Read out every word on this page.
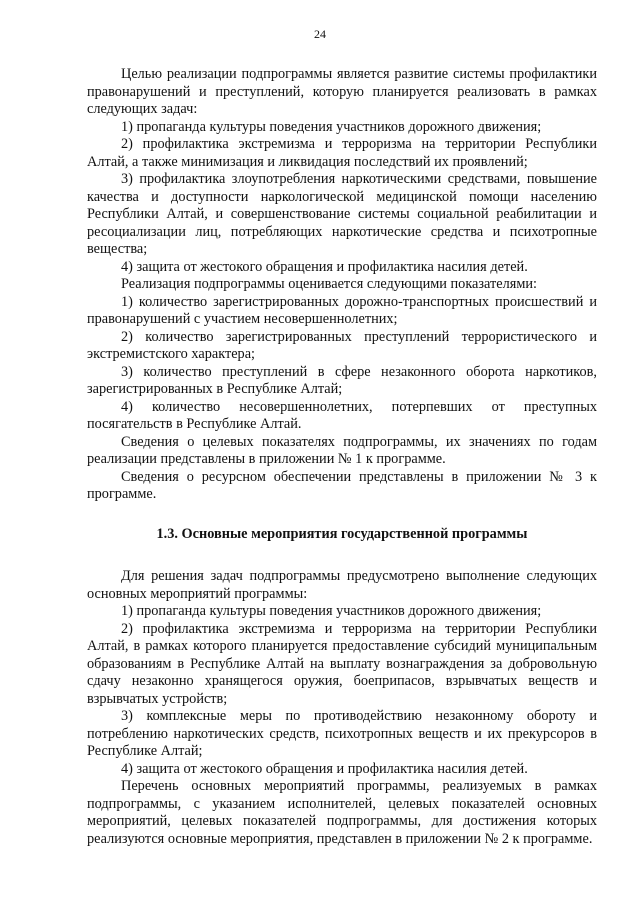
24

Целью реализации подпрограммы является развитие системы профилактики правонарушений и преступлений, которую планируется реализовать в рамках следующих задач:

1) пропаганда культуры поведения участников дорожного движения;

2) профилактика экстремизма и терроризма на территории Республики Алтай, а также минимизация и ликвидация последствий их проявлений;

3) профилактика злоупотребления наркотическими средствами, повышение качества и доступности наркологической медицинской помощи населению Республики Алтай, и совершенствование системы социальной реабилитации и ресоциализации лиц, потребляющих наркотические средства и психотропные вещества;

4) защита от жестокого обращения и профилактика насилия детей.

Реализация подпрограммы оценивается следующими показателями:

1) количество зарегистрированных дорожно-транспортных происшествий и правонарушений с участием несовершеннолетних;

2) количество зарегистрированных преступлений террористического и экстремистского характера;

3) количество преступлений в сфере незаконного оборота наркотиков, зарегистрированных в Республике Алтай;

4) количество несовершеннолетних, потерпевших от преступных посягательств в Республике Алтай.

Сведения о целевых показателях подпрограммы, их значениях по годам реализации представлены в приложении № 1 к программе.

Сведения о ресурсном обеспечении представлены в приложении № 3 к программе.

1.3. Основные мероприятия государственной программы

Для решения задач подпрограммы предусмотрено выполнение следующих основных мероприятий программы:

1) пропаганда культуры поведения участников дорожного движения;

2) профилактика экстремизма и терроризма на территории Республики Алтай, в рамках которого планируется предоставление субсидий муниципальным образованиям в Республике Алтай на выплату вознаграждения за добровольную сдачу незаконно хранящегося оружия, боеприпасов, взрывчатых веществ и взрывчатых устройств;

3) комплексные меры по противодействию незаконному обороту и потреблению наркотических средств, психотропных веществ и их прекурсоров в Республике Алтай;

4) защита от жестокого обращения и профилактика насилия детей.

Перечень основных мероприятий программы, реализуемых в рамках подпрограммы, с указанием исполнителей, целевых показателей основных мероприятий, целевых показателей подпрограммы, для достижения которых реализуются основные мероприятия, представлен в приложении № 2 к программе.
